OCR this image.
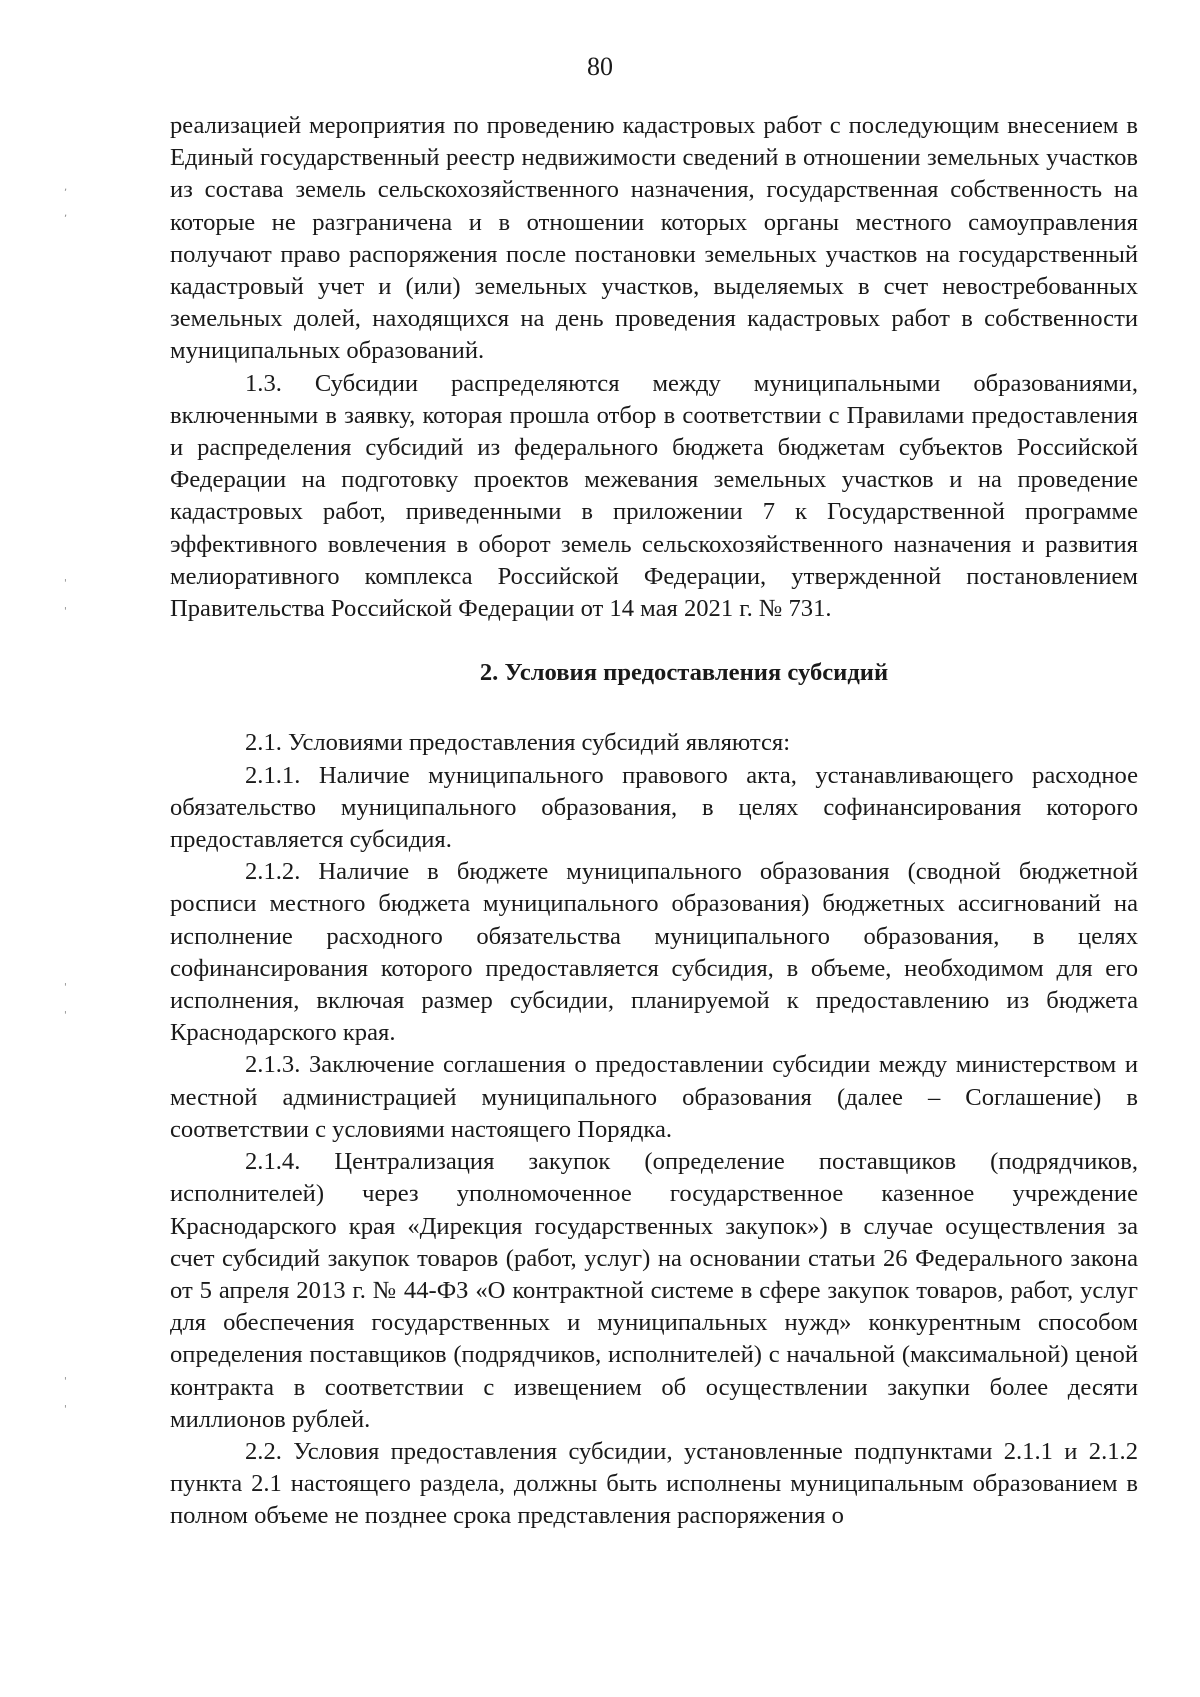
80
,
,
'
'
'
'
'
'

реализацией мероприятия по проведению кадастровых работ с последующим внесением в Единый государственный реестр недвижимости сведений в отношении земельных участков из состава земель сельскохозяйственного назначения, государственная собственность на которые не разграничена и в отношении которых органы местного самоуправления получают право распоряжения после постановки земельных участков на государственный кадастровый учет и (или) земельных участков, выделяемых в счет невостребованных земельных долей, находящихся на день проведения кадастровых работ в собственности муниципальных образований.

1.3. Субсидии распределяются между муниципальными образованиями, включенными в заявку, которая прошла отбор в соответствии с Правилами предоставления и распределения субсидий из федерального бюджета бюджетам субъектов Российской Федерации на подготовку проектов межевания земельных участков и на проведение кадастровых работ, приведенными в приложении 7 к Государственной программе эффективного вовлечения в оборот земель сельскохозяйственного назначения и развития мелиоративного комплекса Российской Федерации, утвержденной постановлением Правительства Российской Федерации от 14 мая 2021 г. № 731.

2. Условия предоставления субсидий

2.1. Условиями предоставления субсидий являются:

2.1.1. Наличие муниципального правового акта, устанавливающего расходное обязательство муниципального образования, в целях софинансирования которого предоставляется субсидия.

2.1.2. Наличие в бюджете муниципального образования (сводной бюджетной росписи местного бюджета муниципального образования) бюджетных ассигнований на исполнение расходного обязательства муниципального образования, в целях софинансирования которого предоставляется субсидия, в объеме, необходимом для его исполнения, включая размер субсидии, планируемой к предоставлению из бюджета Краснодарского края.

2.1.3. Заключение соглашения о предоставлении субсидии между министерством и местной администрацией муниципального образования (далее – Соглашение) в соответствии с условиями настоящего Порядка.

2.1.4. Централизация закупок (определение поставщиков (подрядчиков, исполнителей) через уполномоченное государственное казенное учреждение Краснодарского края «Дирекция государственных закупок») в случае осуществления за счет субсидий закупок товаров (работ, услуг) на основании статьи 26 Федерального закона от 5 апреля 2013 г. № 44-ФЗ «О контрактной системе в сфере закупок товаров, работ, услуг для обеспечения государственных и муниципальных нужд» конкурентным способом определения поставщиков (подрядчиков, исполнителей) с начальной (максимальной) ценой контракта в соответствии с извещением об осуществлении закупки более десяти миллионов рублей.

2.2. Условия предоставления субсидии, установленные подпунктами 2.1.1 и 2.1.2 пункта 2.1 настоящего раздела, должны быть исполнены муниципальным образованием в полном объеме не позднее срока представления распоряжения о
